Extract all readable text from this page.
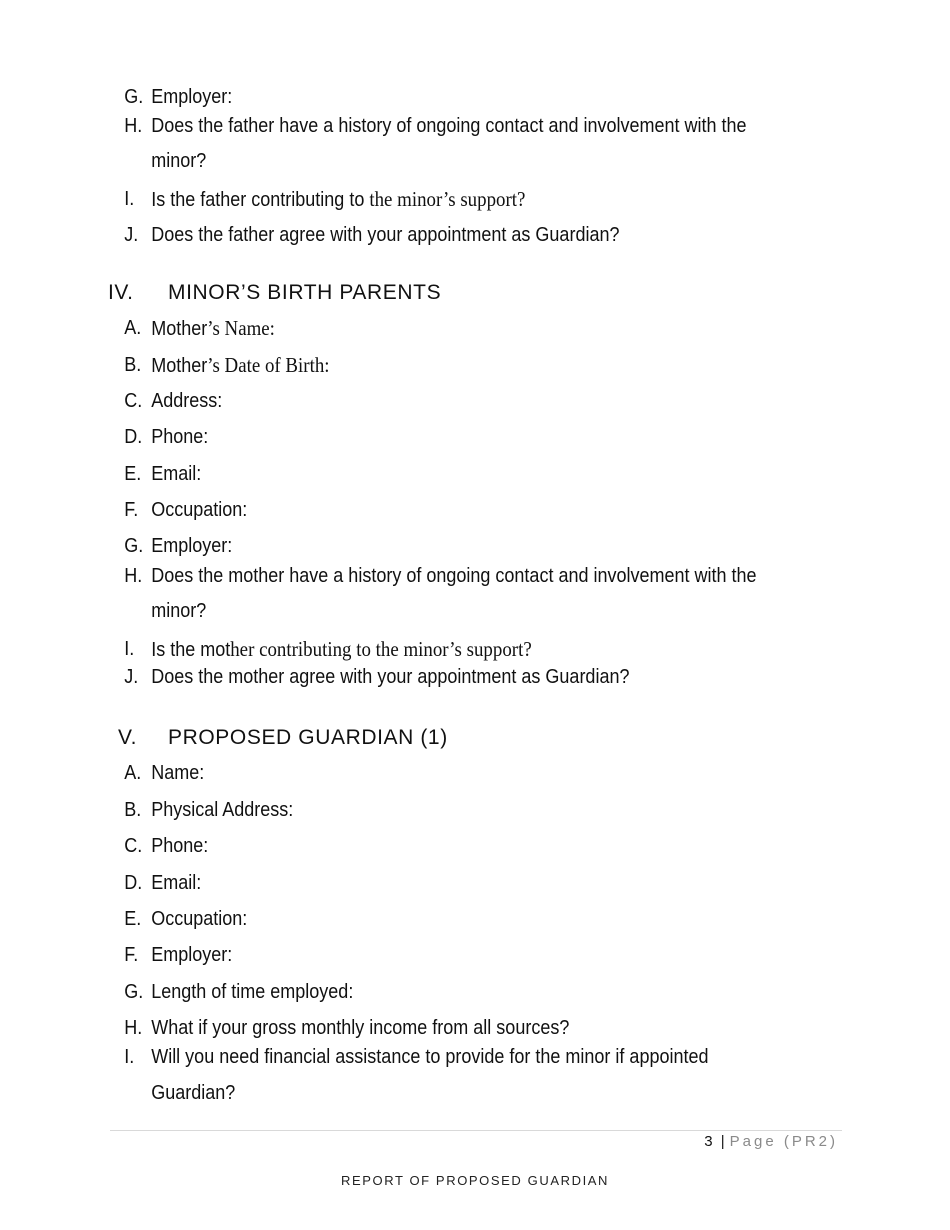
G. Employer:
H. Does the father have a history of ongoing contact and involvement with the
minor?
I. Is the father contributing to the minor’s support?
J. Does the father agree with your appointment as Guardian?
IV. MINOR’S BIRTH PARENTS
A. Mother’s Name:
B. Mother’s Date of Birth:
C. Address:
D. Phone:
E. Email:
F. Occupation:
G. Employer:
H. Does the mother have a history of ongoing contact and involvement with the
minor?
I. Is the mother contributing to the minor’s support?
J. Does the mother agree with your appointment as Guardian?
V. PROPOSED GUARDIAN (1)
A. Name:
B. Physical Address:
C. Phone:
D. Email:
E. Occupation:
F. Employer:
G. Length of time employed:
H. What if your gross monthly income from all sources?
I. Will you need financial assistance to provide for the minor if appointed
Guardian?
3 | Page (PR2)
REPORT OF PROPOSED GUARDIAN
